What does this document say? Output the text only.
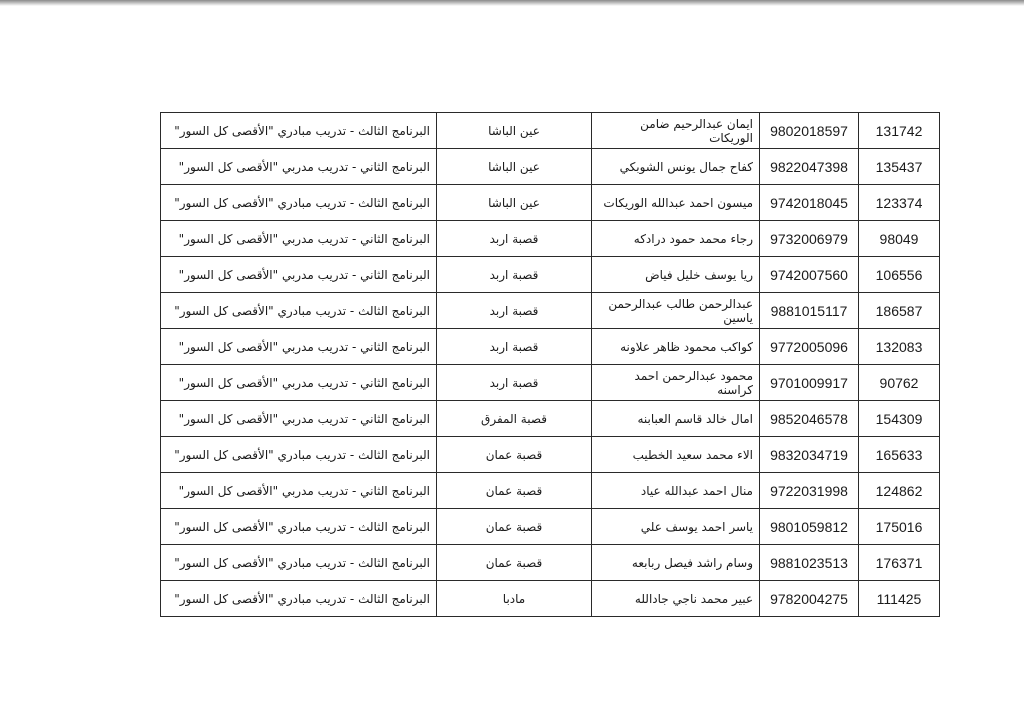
البرنامج الثالث - تدريب مبادري "الأقصى كل السور"	عين الباشا	ايمان عبدالرحيم ضامن الوريكات	9802018597	131742
البرنامج الثاني - تدريب مدربي "الأقصى كل السور"	عين الباشا	كفاح جمال يونس الشوبكي	9822047398	135437
البرنامج الثالث - تدريب مبادري "الأقصى كل السور"	عين الباشا	ميسون احمد عبدالله الوريكات	9742018045	123374
البرنامج الثاني - تدريب مدربي "الأقصى كل السور"	قصبة اربد	رجاء محمد حمود درادكه	9732006979	98049
البرنامج الثاني - تدريب مدربي "الأقصى كل السور"	قصبة اربد	ريا يوسف خليل فياض	9742007560	106556
البرنامج الثالث - تدريب مبادري "الأقصى كل السور"	قصبة اربد	عبدالرحمن طالب عبدالرحمن ياسين	9881015117	186587
البرنامج الثاني - تدريب مدربي "الأقصى كل السور"	قصبة اربد	كواكب محمود ظاهر علاونه	9772005096	132083
البرنامج الثاني - تدريب مدربي "الأقصى كل السور"	قصبة اربد	محمود عبدالرحمن احمد كراسنه	9701009917	90762
البرنامج الثاني - تدريب مدربي "الأقصى كل السور"	قصبة المفرق	امال خالد قاسم العبابنه	9852046578	154309
البرنامج الثالث - تدريب مبادري "الأقصى كل السور"	قصبة عمان	الاء محمد سعيد الخطيب	9832034719	165633
البرنامج الثاني - تدريب مدربي "الأقصى كل السور"	قصبة عمان	منال احمد عبدالله عياد	9722031998	124862
البرنامج الثالث - تدريب مبادري "الأقصى كل السور"	قصبة عمان	ياسر احمد يوسف علي	9801059812	175016
البرنامج الثالث - تدريب مبادري "الأقصى كل السور"	قصبة عمان	وسام راشد فيصل ربابعه	9881023513	176371
البرنامج الثالث - تدريب مبادري "الأقصى كل السور"	مادبا	عبير محمد ناجي جادالله	9782004275	111425
